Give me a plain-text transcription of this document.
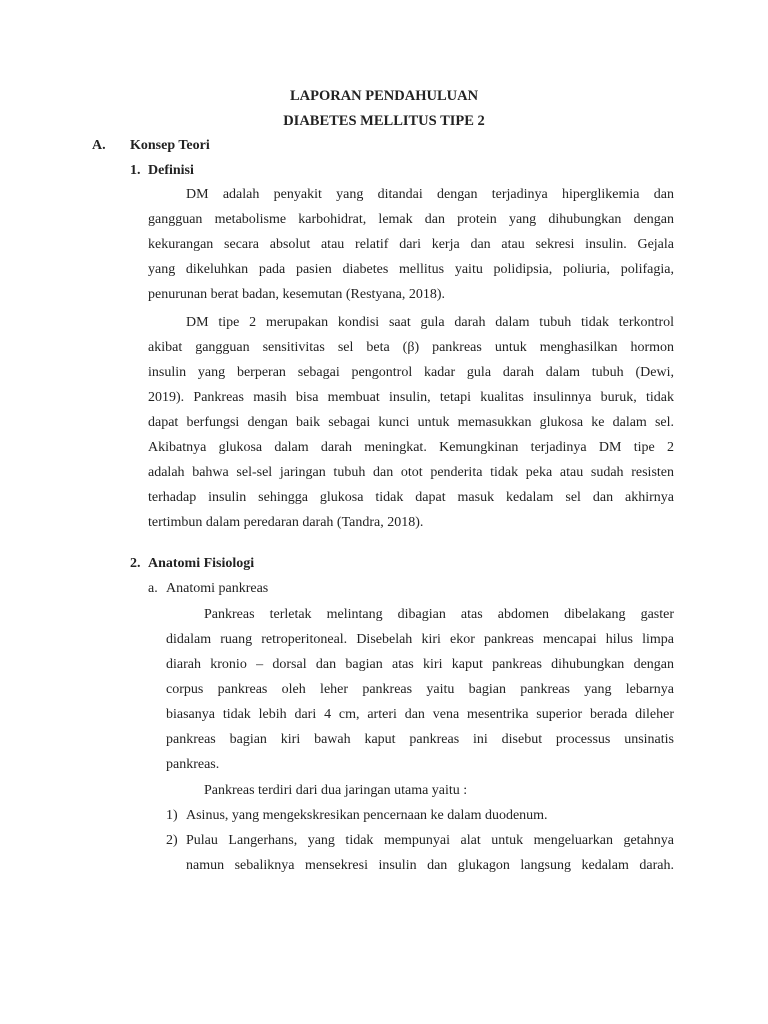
LAPORAN PENDAHULUAN
DIABETES MELLITUS TIPE 2
A. Konsep Teori
1. Definisi
DM adalah penyakit yang ditandai dengan terjadinya hiperglikemia dan
gangguan metabolisme karbohidrat, lemak dan protein yang dihubungkan dengan
kekurangan secara absolut atau relatif dari kerja dan atau sekresi insulin. Gejala
yang dikeluhkan pada pasien diabetes mellitus yaitu polidipsia, poliuria, polifagia,
penurunan berat badan, kesemutan (Restyana, 2018).
DM tipe 2 merupakan kondisi saat gula darah dalam tubuh tidak terkontrol
akibat gangguan sensitivitas sel beta (β) pankreas untuk menghasilkan hormon
insulin yang berperan sebagai pengontrol kadar gula darah dalam tubuh (Dewi,
2019). Pankreas masih bisa membuat insulin, tetapi kualitas insulinnya buruk, tidak
dapat berfungsi dengan baik sebagai kunci untuk memasukkan glukosa ke dalam sel.
Akibatnya glukosa dalam darah meningkat. Kemungkinan terjadinya DM tipe 2
adalah bahwa sel-sel jaringan tubuh dan otot penderita tidak peka atau sudah resisten
terhadap insulin sehingga glukosa tidak dapat masuk kedalam sel dan akhirnya
tertimbun dalam peredaran darah (Tandra, 2018).
2. Anatomi Fisiologi
a. Anatomi pankreas
Pankreas terletak melintang dibagian atas abdomen dibelakang gaster
didalam ruang retroperitoneal. Disebelah kiri ekor pankreas mencapai hilus limpa
diarah kronio – dorsal dan bagian atas kiri kaput pankreas dihubungkan dengan
corpus pankreas oleh leher pankreas yaitu bagian pankreas yang lebarnya
biasanya tidak lebih dari 4 cm, arteri dan vena mesentrika superior berada dileher
pankreas bagian kiri bawah kaput pankreas ini disebut processus unsinatis
pankreas.
Pankreas terdiri dari dua jaringan utama yaitu :
1) Asinus, yang mengekskresikan pencernaan ke dalam duodenum.
2) Pulau Langerhans, yang tidak mempunyai alat untuk mengeluarkan getahnya
namun sebaliknya mensekresi insulin dan glukagon langsung kedalam darah.
